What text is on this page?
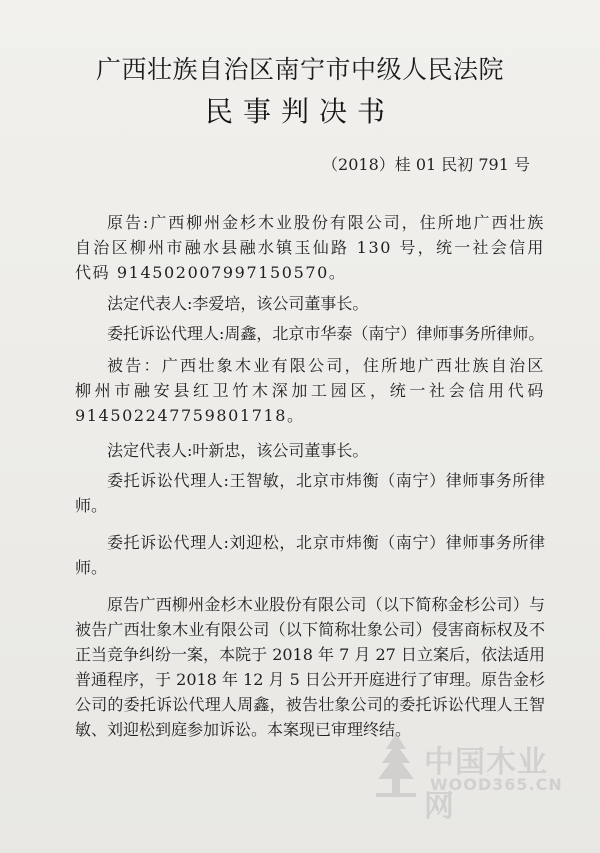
广西壮族自治区南宁市中级人民法院
民事判决书
（2018）桂 01 民初 791 号
原告:广西柳州金杉木业股份有限公司，住所地广西壮族自治区柳州市融水县融水镇玉仙路 130 号，统一社会信用代码 914502007997150570。
法定代表人:李爱培，该公司董事长。
委托诉讼代理人:周鑫，北京市华泰（南宁）律师事务所律师。
被告：广西壮象木业有限公司，住所地广西壮族自治区柳州市融安县红卫竹木深加工园区，统一社会信用代码 914502247759801718。
法定代表人:叶新忠，该公司董事长。
委托诉讼代理人:王智敏，北京市炜衡（南宁）律师事务所律师。
委托诉讼代理人:刘迎松，北京市炜衡（南宁）律师事务所律师。
原告广西柳州金杉木业股份有限公司（以下简称金杉公司）与被告广西壮象木业有限公司（以下简称壮象公司）侵害商标权及不正当竞争纠纷一案，本院于 2018 年 7 月 27 日立案后，依法适用普通程序，于 2018 年 12 月 5 日公开开庭进行了审理。原告金杉公司的委托诉讼代理人周鑫，被告壮象公司的委托诉讼代理人王智敏、刘迎松到庭参加诉讼。本案现已审理终结。
中国木业网
WOOD365.CN
